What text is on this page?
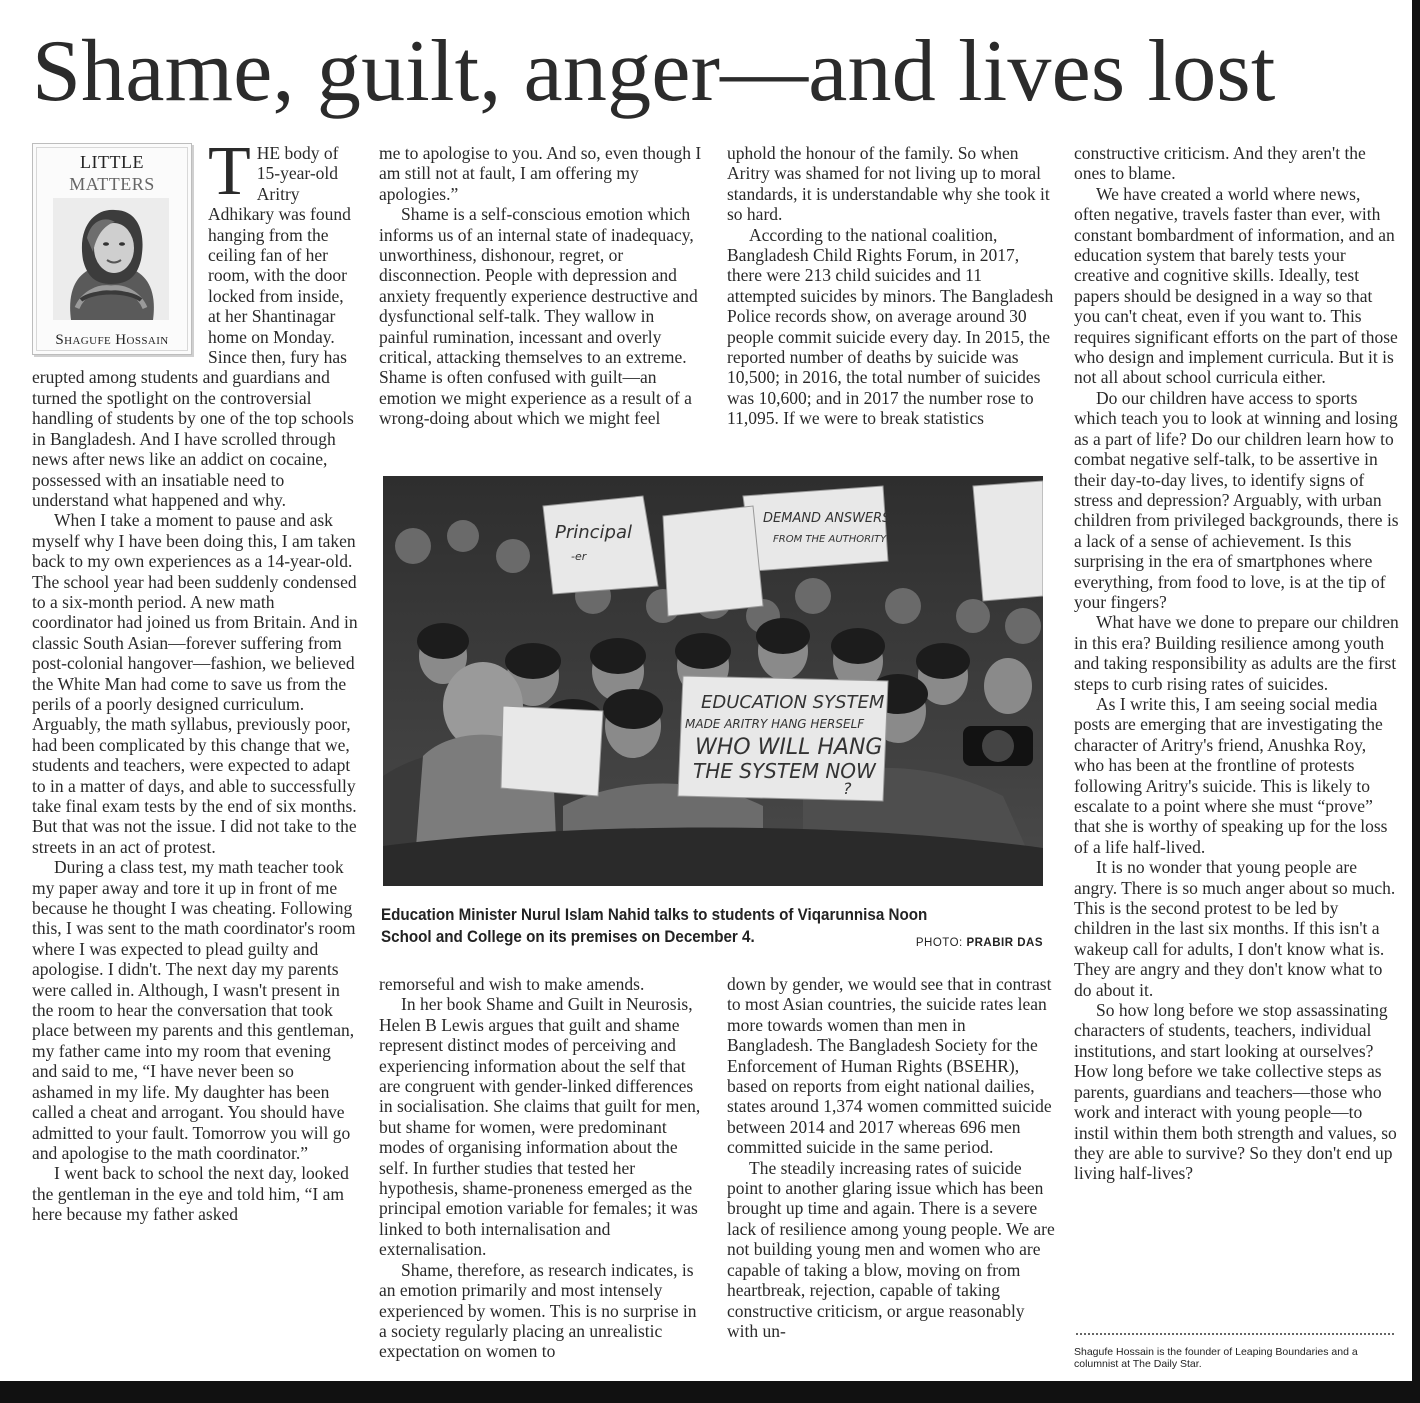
Shame, guilt, anger—and lives lost
LITTLE
MATTERS
Shagufe Hossain
T HE body of 15-year-old Aritry Adhikary was found hanging from the ceiling fan of her room, with the door locked from inside, at her Shantinagar home on Monday. Since then, fury has erupted among students and guardians and turned the spotlight on the controversial handling of students by one of the top schools in Bangladesh. And I have scrolled through news after news like an addict on cocaine, possessed with an insatiable need to understand what happened and why.

When I take a moment to pause and ask myself why I have been doing this, I am taken back to my own experiences as a 14-year-old. The school year had been suddenly condensed to a six-month period. A new math coordinator had joined us from Britain. And in classic South Asian—forever suffering from post-colonial hangover—fashion, we believed the White Man had come to save us from the perils of a poorly designed curriculum. Arguably, the math syllabus, previously poor, had been complicated by this change that we, students and teachers, were expected to adapt to in a matter of days, and able to successfully take final exam tests by the end of six months. But that was not the issue. I did not take to the streets in an act of protest.

During a class test, my math teacher took my paper away and tore it up in front of me because he thought I was cheating. Following this, I was sent to the math coordinator's room where I was expected to plead guilty and apologise. I didn't. The next day my parents were called in. Although, I wasn't present in the room to hear the conversation that took place between my parents and this gentleman, my father came into my room that evening and said to me, “I have never been so ashamed in my life. My daughter has been called a cheat and arrogant. You should have admitted to your fault. Tomorrow you will go and apologise to the math coordinator.”

I went back to school the next day, looked the gentleman in the eye and told him, “I am here because my father asked

me to apologise to you. And so, even though I am still not at fault, I am offering my apologies.”

Shame is a self-conscious emotion which informs us of an internal state of inadequacy, unworthiness, dishonour, regret, or disconnection. People with depression and anxiety frequently experience destructive and dysfunctional self-talk. They wallow in painful rumination, incessant and overly critical, attacking themselves to an extreme. Shame is often confused with guilt—an emotion we might experience as a result of a wrong-doing about which we might feel

uphold the honour of the family. So when Aritry was shamed for not living up to moral standards, it is understandable why she took it so hard.

According to the national coalition, Bangladesh Child Rights Forum, in 2017, there were 213 child suicides and 11 attempted suicides by minors. The Bangladesh Police records show, on average around 30 people commit suicide every day. In 2015, the reported number of deaths by suicide was 10,500; in 2016, the total number of suicides was 10,600; and in 2017 the number rose to 11,095. If we were to break statistics

Principal
-er
DEMAND ANSWERS
FROM THE AUTHORITY
EDUCATION SYSTEM
MADE ARITRY HANG HERSELF
WHO WILL HANG
THE SYSTEM NOW
?
Education Minister Nurul Islam Nahid talks to students of Viqarunnisa Noon School and College on its premises on December 4.	PHOTO: PRABIR DAS

remorseful and wish to make amends.

In her book Shame and Guilt in Neurosis, Helen B Lewis argues that guilt and shame represent distinct modes of perceiving and experiencing information about the self that are congruent with gender-linked differences in socialisation. She claims that guilt for men, but shame for women, were predominant modes of organising information about the self. In further studies that tested her hypothesis, shame-proneness emerged as the principal emotion variable for females; it was linked to both internalisation and externalisation.

Shame, therefore, as research indicates, is an emotion primarily and most intensely experienced by women. This is no surprise in a society regularly placing an unrealistic expectation on women to

down by gender, we would see that in contrast to most Asian countries, the suicide rates lean more towards women than men in Bangladesh. The Bangladesh Society for the Enforcement of Human Rights (BSEHR), based on reports from eight national dailies, states around 1,374 women committed suicide between 2014 and 2017 whereas 696 men committed suicide in the same period.

The steadily increasing rates of suicide point to another glaring issue which has been brought up time and again. There is a severe lack of resilience among young people. We are not building young men and women who are capable of taking a blow, moving on from heartbreak, rejection, capable of taking constructive criticism, or argue reasonably with un-

constructive criticism. And they aren't the ones to blame.

We have created a world where news, often negative, travels faster than ever, with constant bombardment of information, and an education system that barely tests your creative and cognitive skills. Ideally, test papers should be designed in a way so that you can't cheat, even if you want to. This requires significant efforts on the part of those who design and implement curricula. But it is not all about school curricula either.

Do our children have access to sports which teach you to look at winning and losing as a part of life? Do our children learn how to combat negative self-talk, to be assertive in their day-to-day lives, to identify signs of stress and depression? Arguably, with urban children from privileged backgrounds, there is a lack of a sense of achievement. Is this surprising in the era of smartphones where everything, from food to love, is at the tip of your fingers?

What have we done to prepare our children in this era? Building resilience among youth and taking responsibility as adults are the first steps to curb rising rates of suicides.

As I write this, I am seeing social media posts are emerging that are investigating the character of Aritry's friend, Anushka Roy, who has been at the frontline of protests following Aritry's suicide. This is likely to escalate to a point where she must “prove” that she is worthy of speaking up for the loss of a life half-lived.

It is no wonder that young people are angry. There is so much anger about so much. This is the second protest to be led by children in the last six months. If this isn't a wakeup call for adults, I don't know what is. They are angry and they don't know what to do about it.

So how long before we stop assassinating characters of students, teachers, individual institutions, and start looking at ourselves? How long before we take collective steps as parents, guardians and teachers—those who work and interact with young people—to instil within them both strength and values, so they are able to survive? So they don't end up living half-lives?

Shagufe Hossain is the founder of Leaping Boundaries and a columnist at The Daily Star.
